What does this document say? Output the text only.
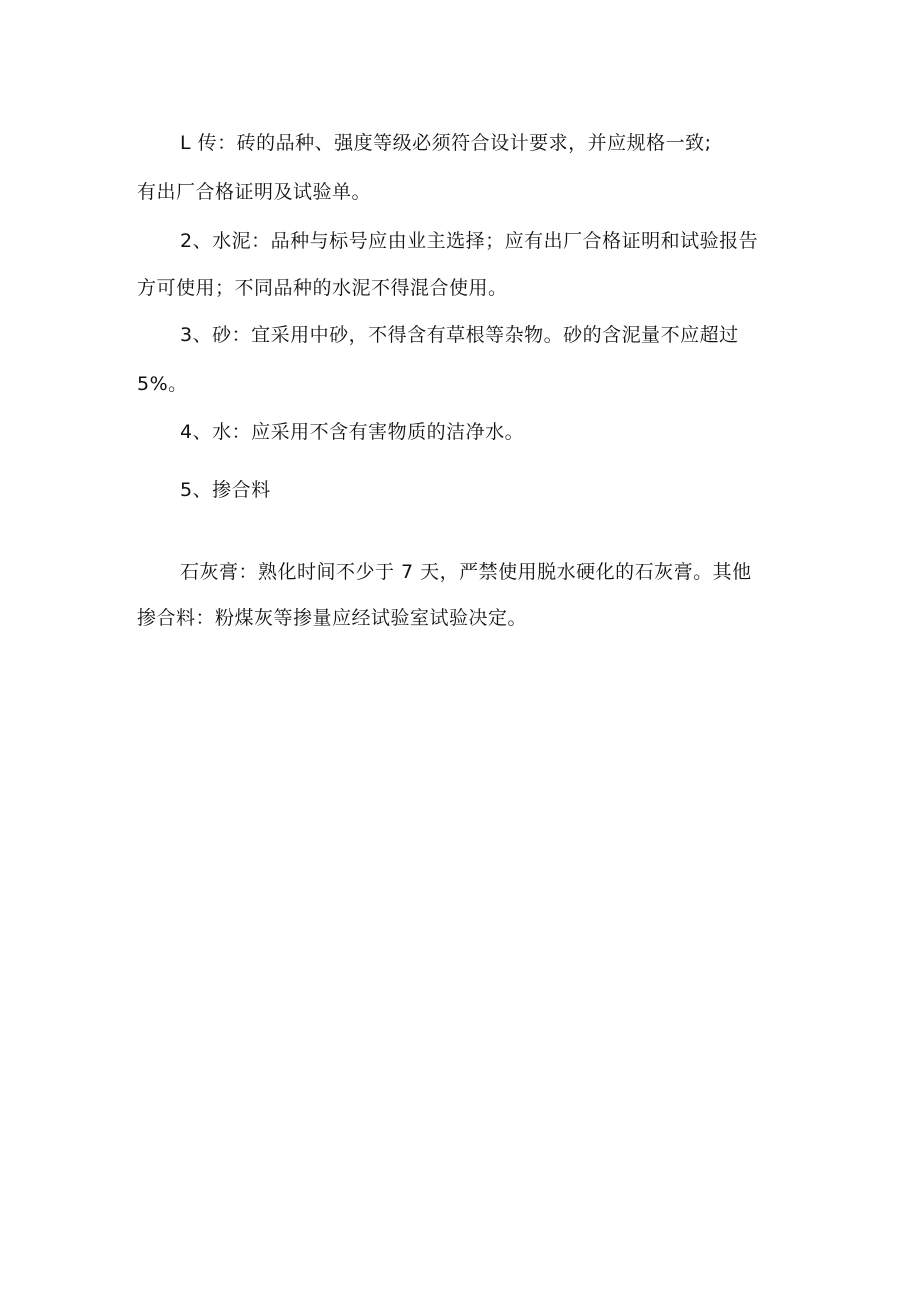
L 传：砖的品种、强度等级必须符合设计要求，并应规格一致;
有出厂合格证明及试验单。
2、水泥：品种与标号应由业主选择；应有出厂合格证明和试验报告
方可使用；不同品种的水泥不得混合使用。
3、砂：宜采用中砂，不得含有草根等杂物。砂的含泥量不应超过
5%。
4、水：应采用不含有害物质的洁净水。
5、掺合料
石灰膏：熟化时间不少于 7 天，严禁使用脱水硬化的石灰膏。其他
掺合料：粉煤灰等掺量应经试验室试验决定。
